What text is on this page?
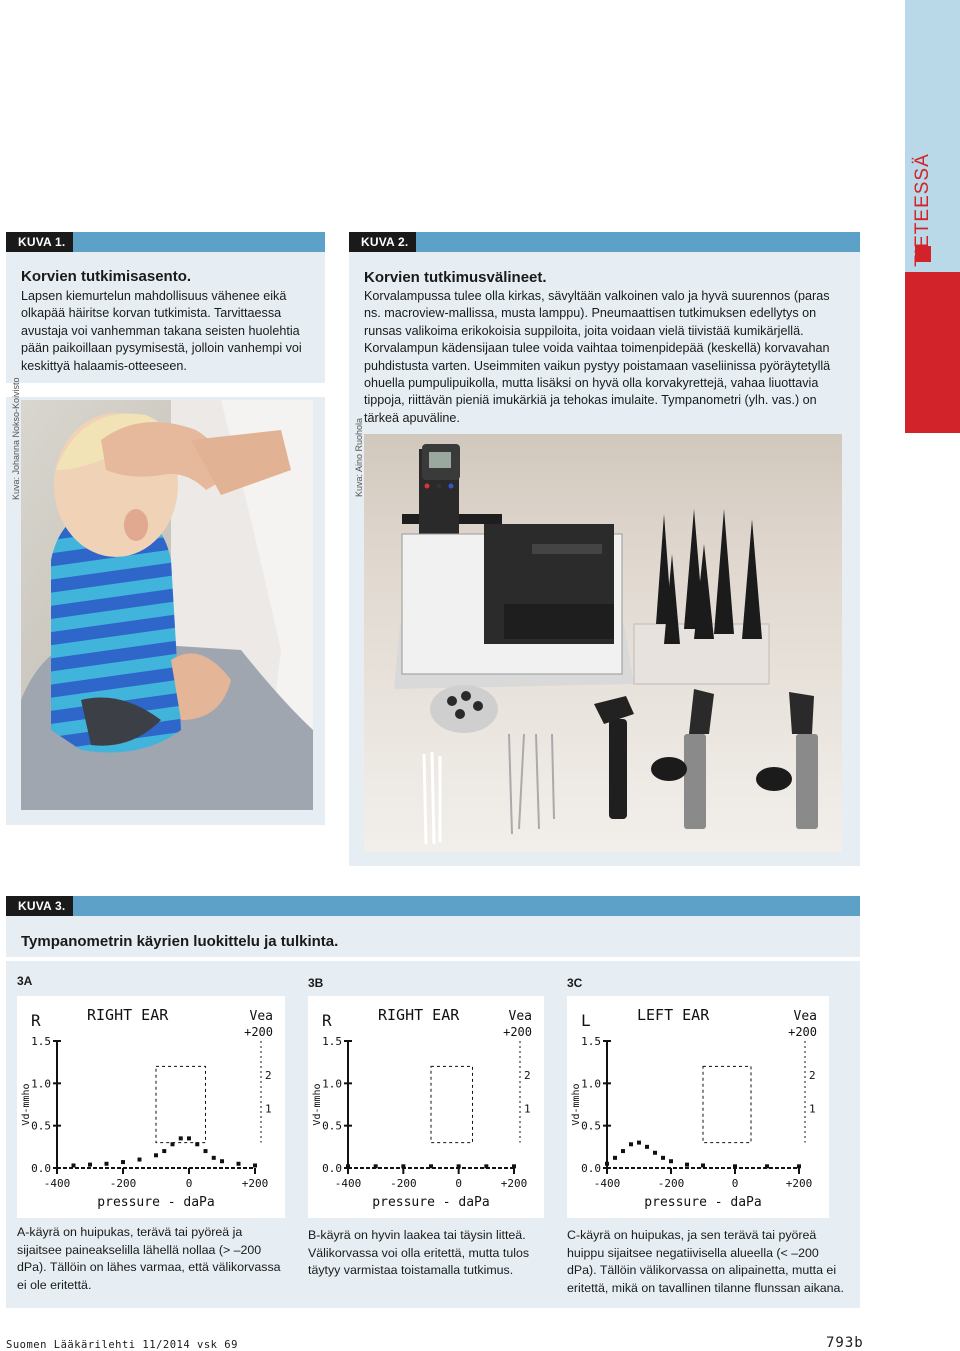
TIETEESSÄ
KUVA 1.
Korvien tutkimisasento.
Lapsen kiemurtelun mahdollisuus vähenee eikä olkapää häiritse korvan tutkimista. Tarvittaessa avustaja voi vanhemman takana seisten huolehtia pään paikoillaan pysymisestä, jolloin vanhempi voi keskittyä halaamis-otteeseen.
Kuva: Johanna Nokso-Koivisto
KUVA 2.
Korvien tutkimusvälineet.
Korvalampussa tulee olla kirkas, sävyltään valkoinen valo ja hyvä suurennos (paras ns. macroview-mallissa, musta lamppu). Pneumaattisen tutkimuksen edellytys on runsas valikoima erikokoisia suppiloita, joita voidaan vielä tiivistää kumikärjellä. Korvalampun kädensijaan tulee voida vaihtaa toimenpidepää (keskellä) korvavahan puhdistusta varten. Useimmiten vaikun pystyy poistamaan vaseliinissa pyöräytetyllä ohuella pumpulipuikolla, mutta lisäksi on hyvä olla korvakyrettejä, vahaa liuottavia tippoja, riittävän pieniä imukärkiä ja tehokas imulaite. Tympanometri (ylh. vas.) on tärkeä apuväline.
Kuva: Aino Ruohola
KUVA 3.
Tympanometrin käyrien luokittelu ja tulkinta.
3A	3B	3C
R	RIGHT EAR	Vea
+200
1.5
1.0
0.5
0.0
-400	-200	0	+200
Vd-mmho
pressure - daPa
2
1
R	RIGHT EAR	Vea
+200
1.5
1.0
0.5
0.0
-400	-200	0	+200
Vd-mmho
pressure - daPa
2
1
L	LEFT EAR	Vea
+200
1.5
1.0
0.5
0.0
-400	-200	0	+200
Vd-mmho
pressure - daPa
2
1
A-käyrä on huipukas, terävä tai pyöreä ja sijaitsee paineakselilla lähellä nollaa (> –200 dPa). Tällöin on lähes varmaa, että välikorvassa ei ole eritettä.
B-käyrä on hyvin laakea tai täysin litteä. Välikorvassa voi olla eritettä, mutta tulos täytyy varmistaa toistamalla tutkimus.
C-käyrä on huipukas, ja sen terävä tai pyöreä huippu sijaitsee negatiivisella alueella (< –200 dPa). Tällöin välikorvassa on alipainetta, mutta ei eritettä, mikä on tavallinen tilanne flunssan aikana.
Suomen Lääkärilehti 11/2014 vsk 69	793b
